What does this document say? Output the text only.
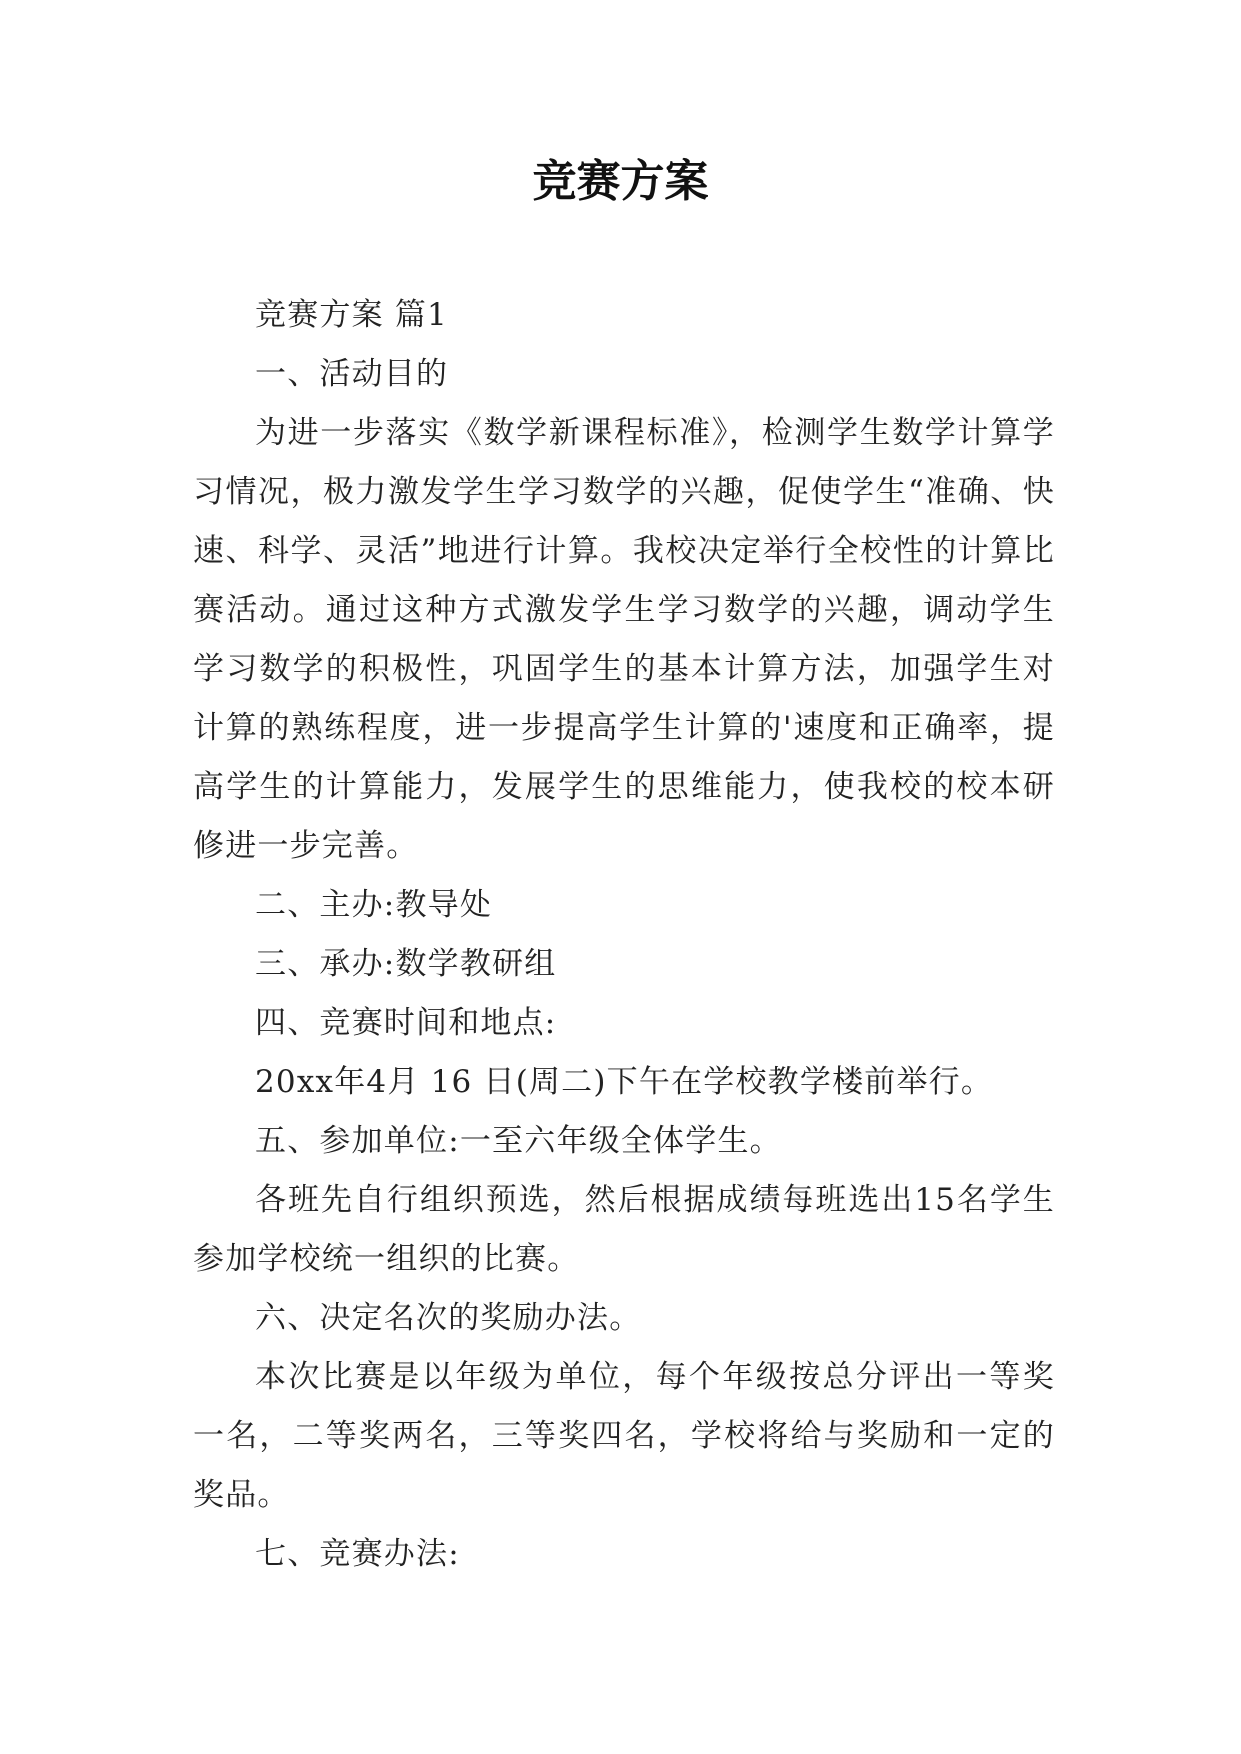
竞赛方案

竞赛方案 篇1

一、活动目的

为进一步落实《数学新课程标准》，检测学生数学计算学习情况，极力激发学生学习数学的兴趣，促使学生“准确、快速、科学、灵活”地进行计算。我校决定举行全校性的计算比赛活动。通过这种方式激发学生学习数学的兴趣，调动学生学习数学的积极性，巩固学生的基本计算方法，加强学生对计算的熟练程度，进一步提高学生计算的'速度和正确率，提高学生的计算能力，发展学生的思维能力，使我校的校本研修进一步完善。

二、主办:教导处

三、承办:数学教研组

四、竞赛时间和地点:

20xx年4月 16 日(周二)下午在学校教学楼前举行。

五、参加单位:一至六年级全体学生。

各班先自行组织预选，然后根据成绩每班选出15名学生参加学校统一组织的比赛。

六、决定名次的奖励办法。

本次比赛是以年级为单位，每个年级按总分评出一等奖一名，二等奖两名，三等奖四名，学校将给与奖励和一定的奖品。

七、竞赛办法:
